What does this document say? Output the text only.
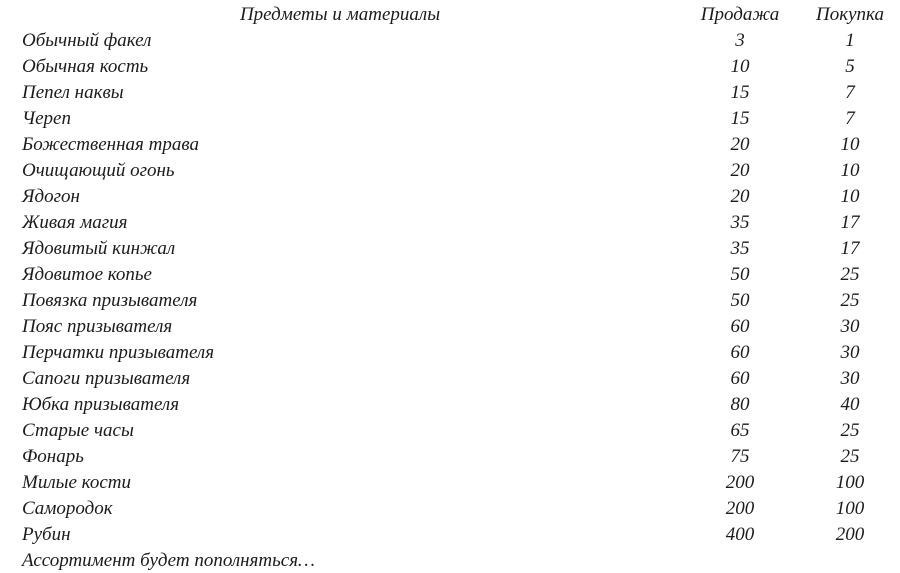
Предметы и материалы	Продажа	Покупка
Обычный факел	3	1
Обычная кость	10	5
Пепел наквы	15	7
Череп	15	7
Божественная трава	20	10
Очищающий огонь	20	10
Ядогон	20	10
Живая магия	35	17
Ядовитый кинжал	35	17
Ядовитое копье	50	25
Повязка призывателя	50	25
Пояс призывателя	60	30
Перчатки призывателя	60	30
Сапоги призывателя	60	30
Юбка призывателя	80	40
Старые часы	65	25
Фонарь	75	25
Милые кости	200	100
Самородок	200	100
Рубин	400	200
Ассортимент будет пополняться…		
